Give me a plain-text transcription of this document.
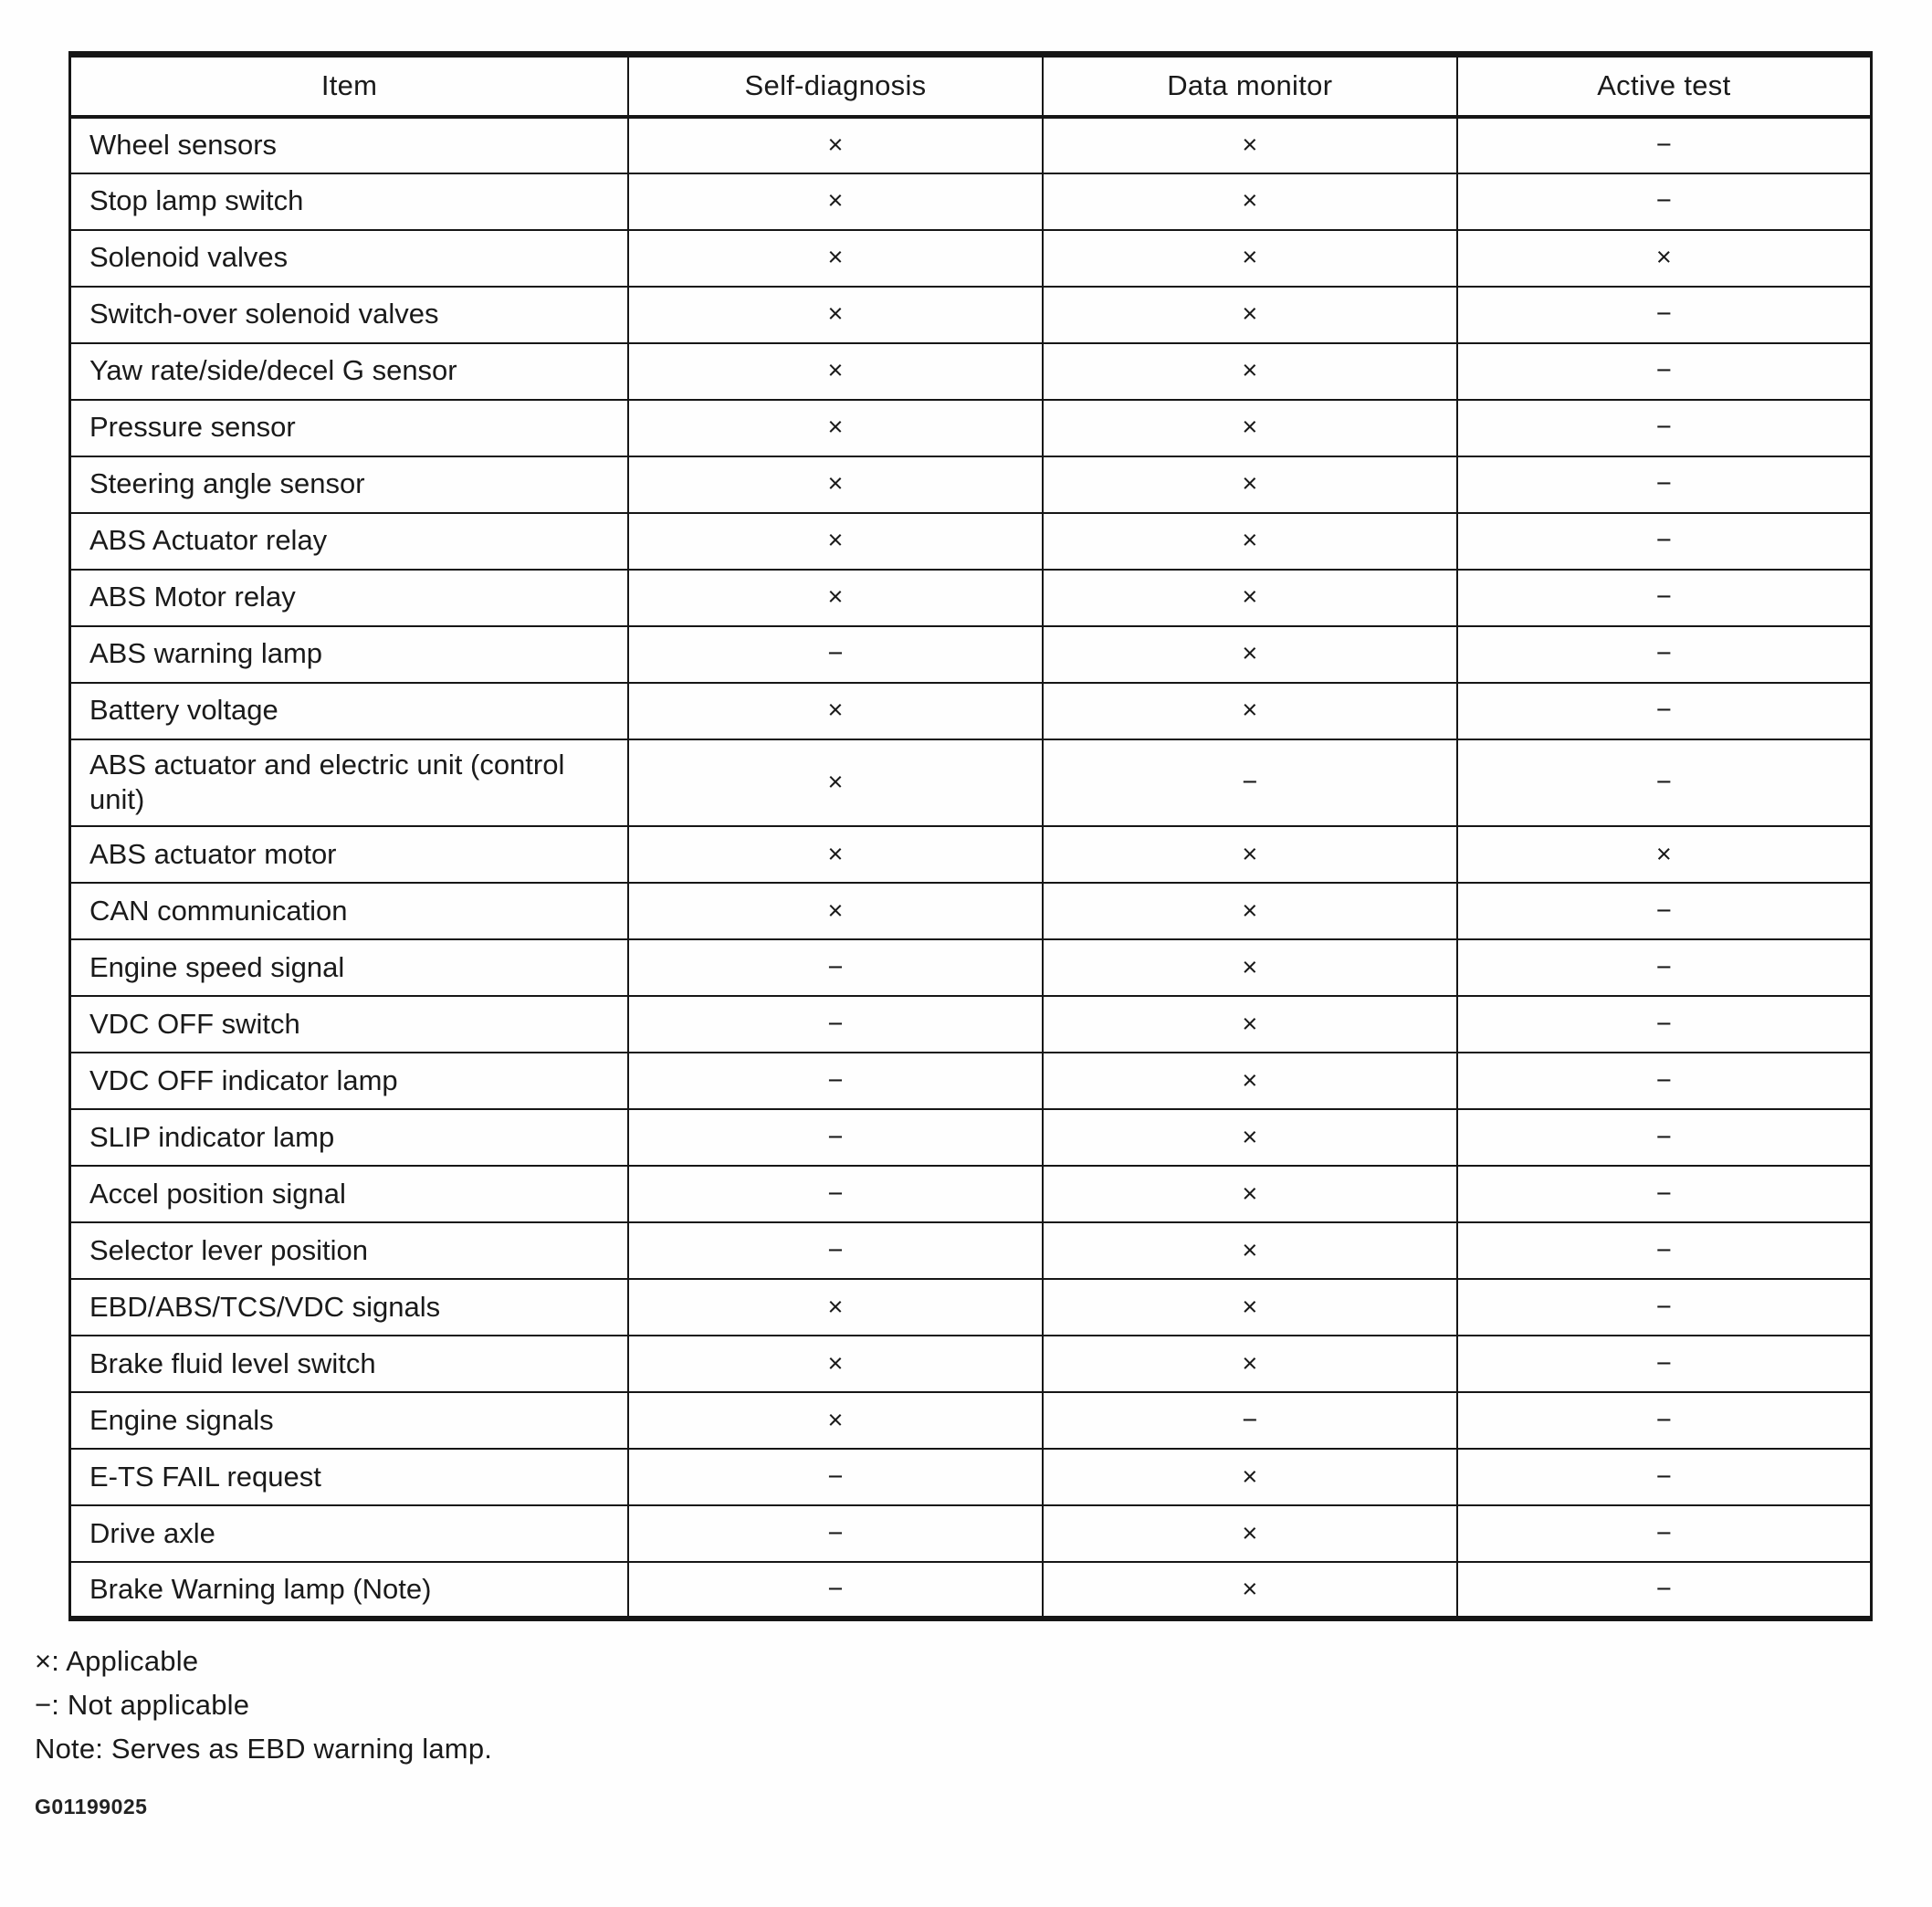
Item	Self-diagnosis	Data monitor	Active test
Wheel sensors	×	×	−
Stop lamp switch	×	×	−
Solenoid valves	×	×	×
Switch-over solenoid valves	×	×	−
Yaw rate/side/decel G sensor	×	×	−
Pressure sensor	×	×	−
Steering angle sensor	×	×	−
ABS Actuator relay	×	×	−
ABS Motor relay	×	×	−
ABS warning lamp	−	×	−
Battery voltage	×	×	−
ABS actuator and electric unit (control unit)	×	−	−
ABS actuator motor	×	×	×
CAN communication	×	×	−
Engine speed signal	−	×	−
VDC OFF switch	−	×	−
VDC OFF indicator lamp	−	×	−
SLIP indicator lamp	−	×	−
Accel position signal	−	×	−
Selector lever position	−	×	−
EBD/ABS/TCS/VDC signals	×	×	−
Brake fluid level switch	×	×	−
Engine signals	×	−	−
E-TS FAIL request	−	×	−
Drive axle	−	×	−
Brake Warning lamp (Note)	−	×	−
×: Applicable
−: Not applicable
Note: Serves as EBD warning lamp.
G01199025
